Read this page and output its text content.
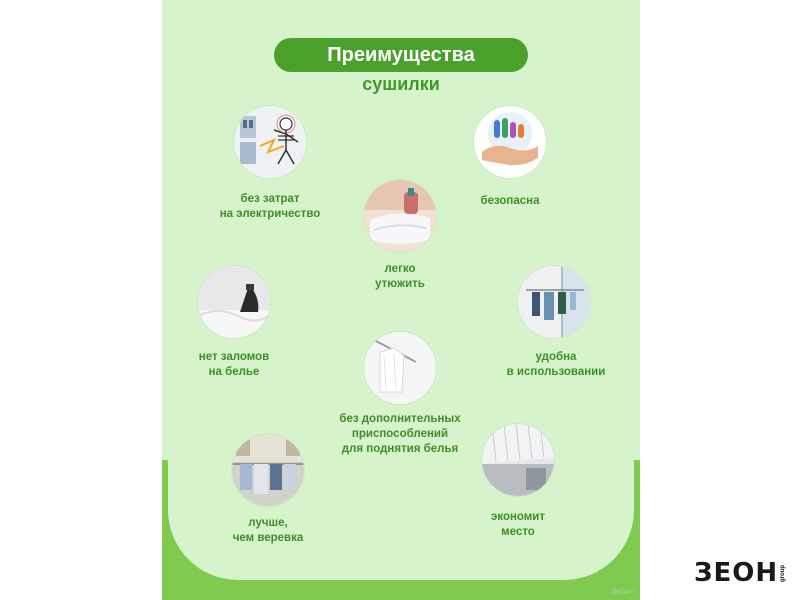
Преимущества
сушилки
без затрат
на электричество
безопасна
легко
утюжить
нет заломов
на белье
удобна
в использовании
без дополнительных
приспособлений
для поднятия белья
лучше,
чем веревка
экономит
место
Зеон+
ЗЕОН group
